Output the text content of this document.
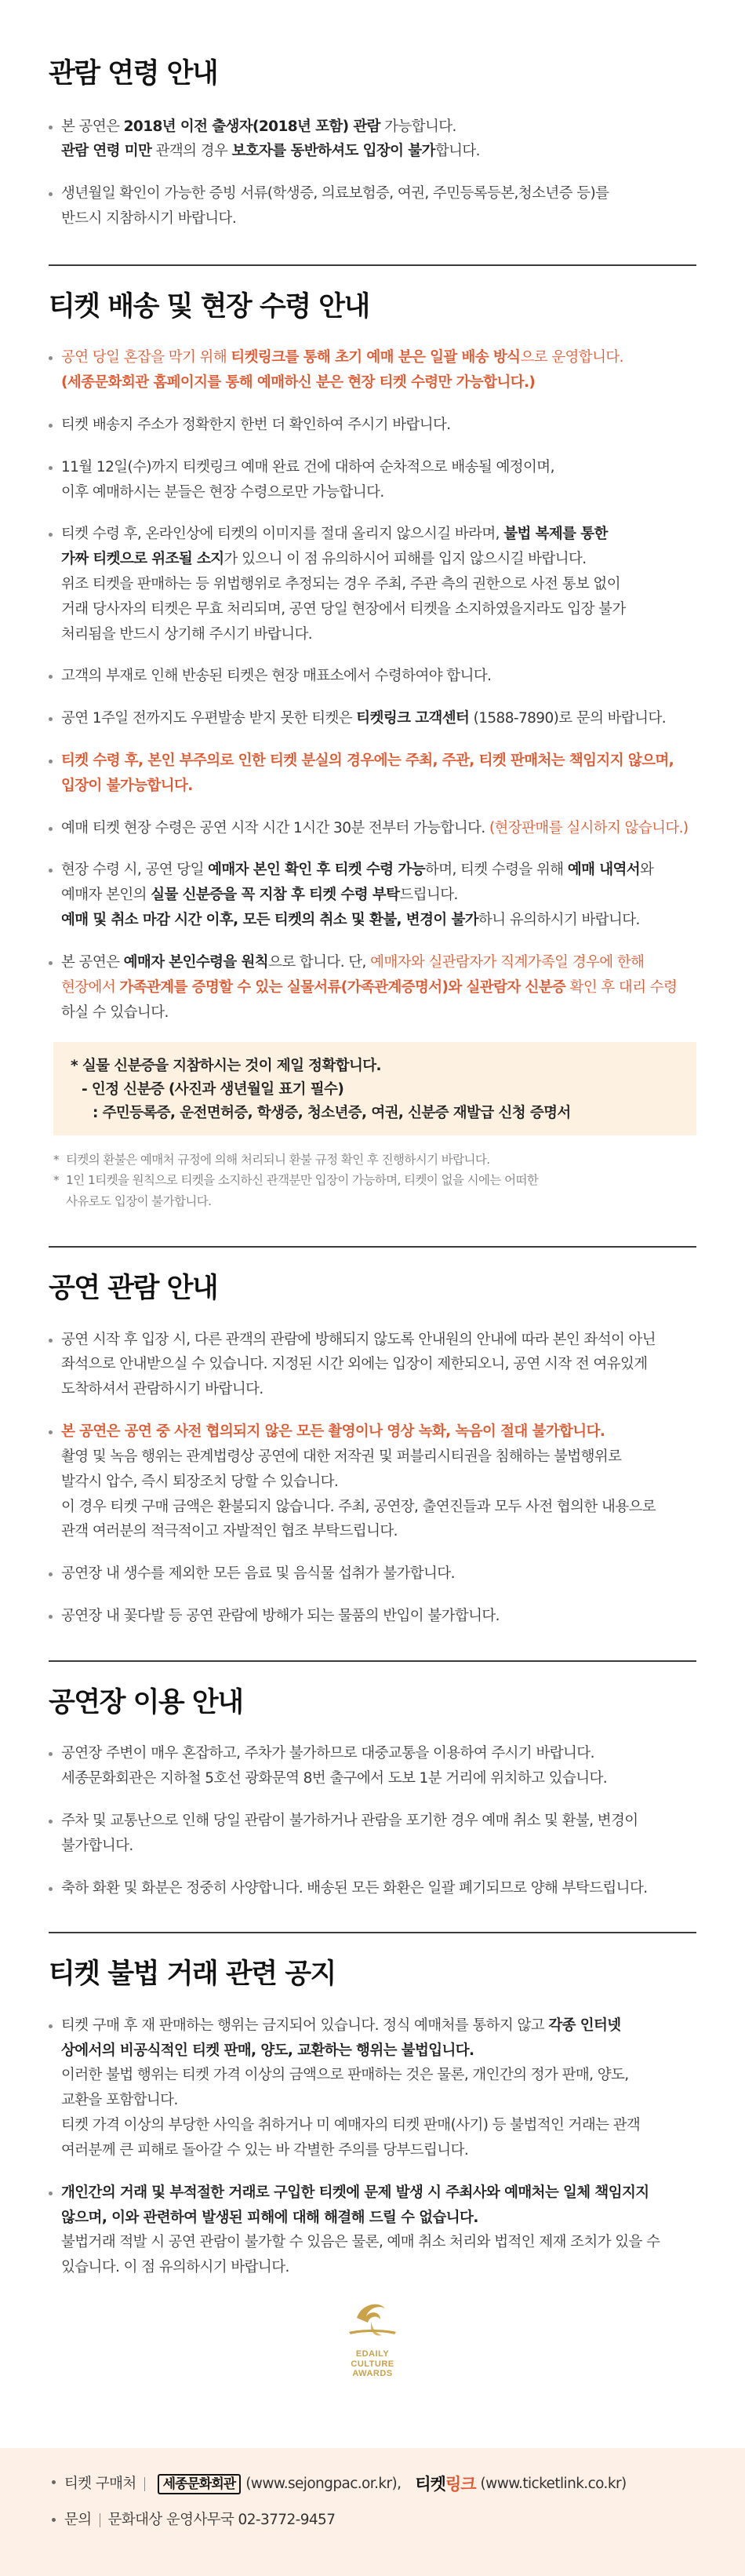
관람 연령 안내

본 공연은 2018년 이전 출생자(2018년 포함) 관람 가능합니다.

관람 연령 미만 관객의 경우 보호자를 동반하셔도 입장이 불가합니다.

생년월일 확인이 가능한 증빙 서류(학생증, 의료보험증, 여권, 주민등록등본,청소년증 등)를

반드시 지참하시기 바랍니다.

티켓 배송 및 현장 수령 안내

공연 당일 혼잡을 막기 위해 티켓링크를 통해 초기 예매 분은 일괄 배송 방식으로 운영합니다.

(세종문화회관 홈페이지를 통해 예매하신 분은 현장 티켓 수령만 가능합니다.)

티켓 배송지 주소가 정확한지 한번 더 확인하여 주시기 바랍니다.

11월 12일(수)까지 티켓링크 예매 완료 건에 대하여 순차적으로 배송될 예정이며,

이후 예매하시는 분들은 현장 수령으로만 가능합니다.

티켓 수령 후, 온라인상에 티켓의 이미지를 절대 올리지 않으시길 바라며, 불법 복제를 통한

가짜 티켓으로 위조될 소지가 있으니 이 점 유의하시어 피해를 입지 않으시길 바랍니다.

위조 티켓을 판매하는 등 위법행위로 추정되는 경우 주최, 주관 측의 권한으로 사전 통보 없이

거래 당사자의 티켓은 무효 처리되며, 공연 당일 현장에서 티켓을 소지하였을지라도 입장 불가

처리됨을 반드시 상기해 주시기 바랍니다.

고객의 부재로 인해 반송된 티켓은 현장 매표소에서 수령하여야 합니다.

공연 1주일 전까지도 우편발송 받지 못한 티켓은 티켓링크 고객센터 (1588-7890)로 문의 바랍니다.

티켓 수령 후, 본인 부주의로 인한 티켓 분실의 경우에는 주최, 주관, 티켓 판매처는 책임지지 않으며,

입장이 불가능합니다.

예매 티켓 현장 수령은 공연 시작 시간 1시간 30분 전부터 가능합니다. (현장판매를 실시하지 않습니다.)

현장 수령 시, 공연 당일 예매자 본인 확인 후 티켓 수령 가능하며, 티켓 수령을 위해 예매 내역서와

예매자 본인의 실물 신분증을 꼭 지참 후 티켓 수령 부탁드립니다.

예매 및 취소 마감 시간 이후, 모든 티켓의 취소 및 환불, 변경이 불가하니 유의하시기 바랍니다.

본 공연은 예매자 본인수령을 원칙으로 합니다. 단, 예매자와 실관람자가 직계가족일 경우에 한해

현장에서 가족관계를 증명할 수 있는 실물서류(가족관계증명서)와 실관람자 신분증 확인 후 대리 수령

하실 수 있습니다.

* 실물 신분증을 지참하시는 것이 제일 정확합니다.
- 인정 신분증 (사진과 생년월일 표기 필수)
: 주민등록증, 운전면허증, 학생증, 청소년증, 여권, 신분증 재발급 신청 증명서
* 티켓의 환불은 예매처 규정에 의해 처리되니 환불 규정 확인 후 진행하시기 바랍니다.
* 1인 1티켓을 원칙으로 티켓을 소지하신 관객분만 입장이 가능하며, 티켓이 없을 시에는 어떠한
사유로도 입장이 불가합니다.
공연 관람 안내

공연 시작 후 입장 시, 다른 관객의 관람에 방해되지 않도록 안내원의 안내에 따라 본인 좌석이 아닌

좌석으로 안내받으실 수 있습니다. 지정된 시간 외에는 입장이 제한되오니, 공연 시작 전 여유있게

도착하셔서 관람하시기 바랍니다.

본 공연은 공연 중 사전 협의되지 않은 모든 촬영이나 영상 녹화, 녹음이 절대 불가합니다.

촬영 및 녹음 행위는 관계법령상 공연에 대한 저작권 및 퍼블리시티권을 침해하는 불법행위로

발각시 압수, 즉시 퇴장조치 당할 수 있습니다.

이 경우 티켓 구매 금액은 환불되지 않습니다. 주최, 공연장, 출연진들과 모두 사전 협의한 내용으로

관객 여러분의 적극적이고 자발적인 협조 부탁드립니다.

공연장 내 생수를 제외한 모든 음료 및 음식물 섭취가 불가합니다.

공연장 내 꽃다발 등 공연 관람에 방해가 되는 물품의 반입이 불가합니다.

공연장 이용 안내

공연장 주변이 매우 혼잡하고, 주차가 불가하므로 대중교통을 이용하여 주시기 바랍니다.

세종문화회관은 지하철 5호선 광화문역 8번 출구에서 도보 1분 거리에 위치하고 있습니다.

주차 및 교통난으로 인해 당일 관람이 불가하거나 관람을 포기한 경우 예매 취소 및 환불, 변경이

불가합니다.

축하 화환 및 화분은 정중히 사양합니다. 배송된 모든 화환은 일괄 폐기되므로 양해 부탁드립니다.

티켓 불법 거래 관련 공지

티켓 구매 후 재 판매하는 행위는 금지되어 있습니다. 정식 예매처를 통하지 않고 각종 인터넷

상에서의 비공식적인 티켓 판매, 양도, 교환하는 행위는 불법입니다.

이러한 불법 행위는 티켓 가격 이상의 금액으로 판매하는 것은 물론, 개인간의 정가 판매, 양도,

교환을 포함합니다.

티켓 가격 이상의 부당한 사익을 취하거나 미 예매자의 티켓 판매(사기) 등 불법적인 거래는 관객

여러분께 큰 피해로 돌아갈 수 있는 바 각별한 주의를 당부드립니다.

개인간의 거래 및 부적절한 거래로 구입한 티켓에 문제 발생 시 주최사와 예매처는 일체 책임지지

않으며, 이와 관련하여 발생된 피해에 대해 해결해 드릴 수 없습니다.

불법거래 적발 시 공연 관람이 불가할 수 있음은 물론, 예매 취소 처리와 법적인 제재 조치가 있을 수

있습니다. 이 점 유의하시기 바랍니다.

EDAILY
CULTURE
AWARDS
티켓 구매처	세종문화회관 (www.sejongpac.or.kr), 티켓링크 (www.ticketlink.co.kr)
문의 문화대상 운영사무국 02-3772-9457
